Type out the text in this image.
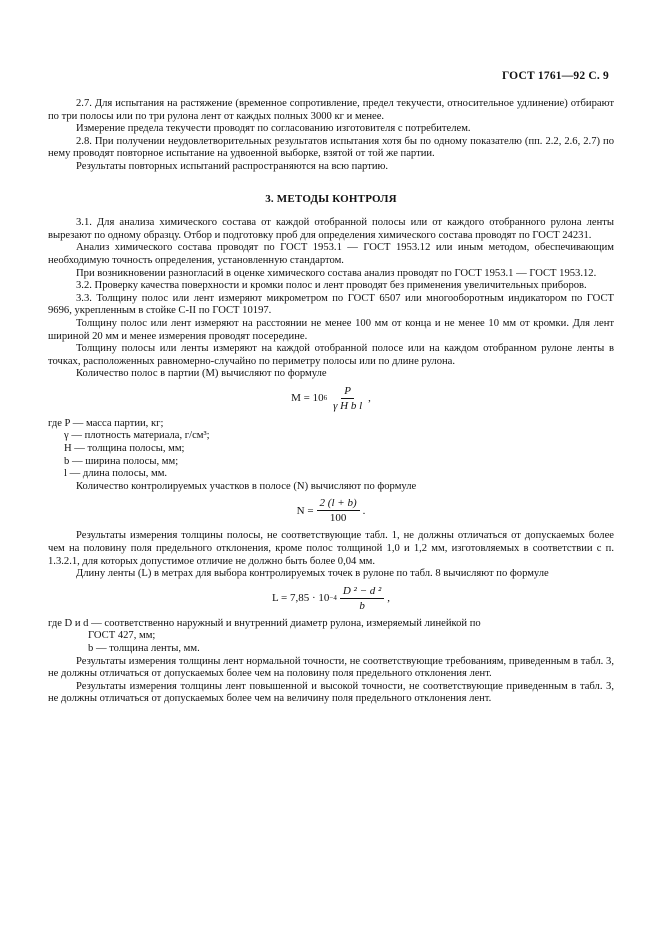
ГОСТ 1761—92 С. 9

2.7. Для испытания на растяжение (временное сопротивление, предел текучести, относительное удлинение) отбирают по три полосы или по три рулона лент от каждых полных 3000 кг и менее.

Измерение предела текучести проводят по согласованию изготовителя с потребителем.

2.8. При получении неудовлетворительных результатов испытания хотя бы по одному показателю (пп. 2.2, 2.6, 2.7) по нему проводят повторное испытание на удвоенной выборке, взятой от той же партии.

Результаты повторных испытаний распространяются на всю партию.

3. МЕТОДЫ КОНТРОЛЯ

3.1. Для анализа химического состава от каждой отобранной полосы или от каждого отобранного рулона ленты вырезают по одному образцу. Отбор и подготовку проб для определения химического состава проводят по ГОСТ 24231.

Анализ химического состава проводят по ГОСТ 1953.1 — ГОСТ 1953.12 или иным методом, обеспечивающим необходимую точность определения, установленную стандартом.

При возникновении разногласий в оценке химического состава анализ проводят по ГОСТ 1953.1 — ГОСТ 1953.12.

3.2. Проверку качества поверхности и кромки полос и лент проводят без применения увеличительных приборов.

3.3. Толщину полос или лент измеряют микрометром по ГОСТ 6507 или многооборотным индикатором по ГОСТ 9696, укрепленным в стойке С-II по ГОСТ 10197.

Толщину полос или лент измеряют на расстоянии не менее 100 мм от конца и не менее 10 мм от кромки. Для лент шириной 20 мм и менее измерения проводят посередине.

Толщину полосы или ленты измеряют на каждой отобранной полосе или на каждом отобранном рулоне ленты в точках, расположенных равномерно-случайно по периметру полосы или по длине рулона.

Количество полос в партии (M) вычисляют по формуле

M = 10 $6 \frac{P}{\text{γ H b l}}$ ,
где P — масса партии, кг;
γ — плотность материала, г/см³;
H — толщина полосы, мм;
b — ширина полосы, мм;
l — длина полосы, мм.

Количество контролируемых участков в полосе (N) вычисляют по формуле

$N = \frac{2 (l + b)}{100}$ .

Результаты измерения толщины полосы, не соответствующие табл. 1, не должны отличаться от допускаемых более чем на половину поля предельного отклонения, кроме полос толщиной 1,0 и 1,2 мм, изготовляемых в соответствии с п. 1.3.2.1, для которых допустимое отличие не должно быть более 0,04 мм.

Длину ленты (L) в метрах для выбора контролируемых точек в рулоне по табл. 8 вычисляют по формуле

$L = 7,85 \cdot 10 -4 \frac{\text{D ² − d ²}}{b}$ ,
где D и d — соответственно наружный и внутренний диаметр рулона, измеряемый линейкой по
ГОСТ 427, мм;
b — толщина ленты, мм.

Результаты измерения толщины лент нормальной точности, не соответствующие требованиям, приведенным в табл. 3, не должны отличаться от допускаемых более чем на половину поля предельного отклонения лент.

Результаты измерения толщины лент повышенной и высокой точности, не соответствующие приведенным в табл. 3, не должны отличаться от допускаемых более чем на величину поля предельного отклонения лент.
